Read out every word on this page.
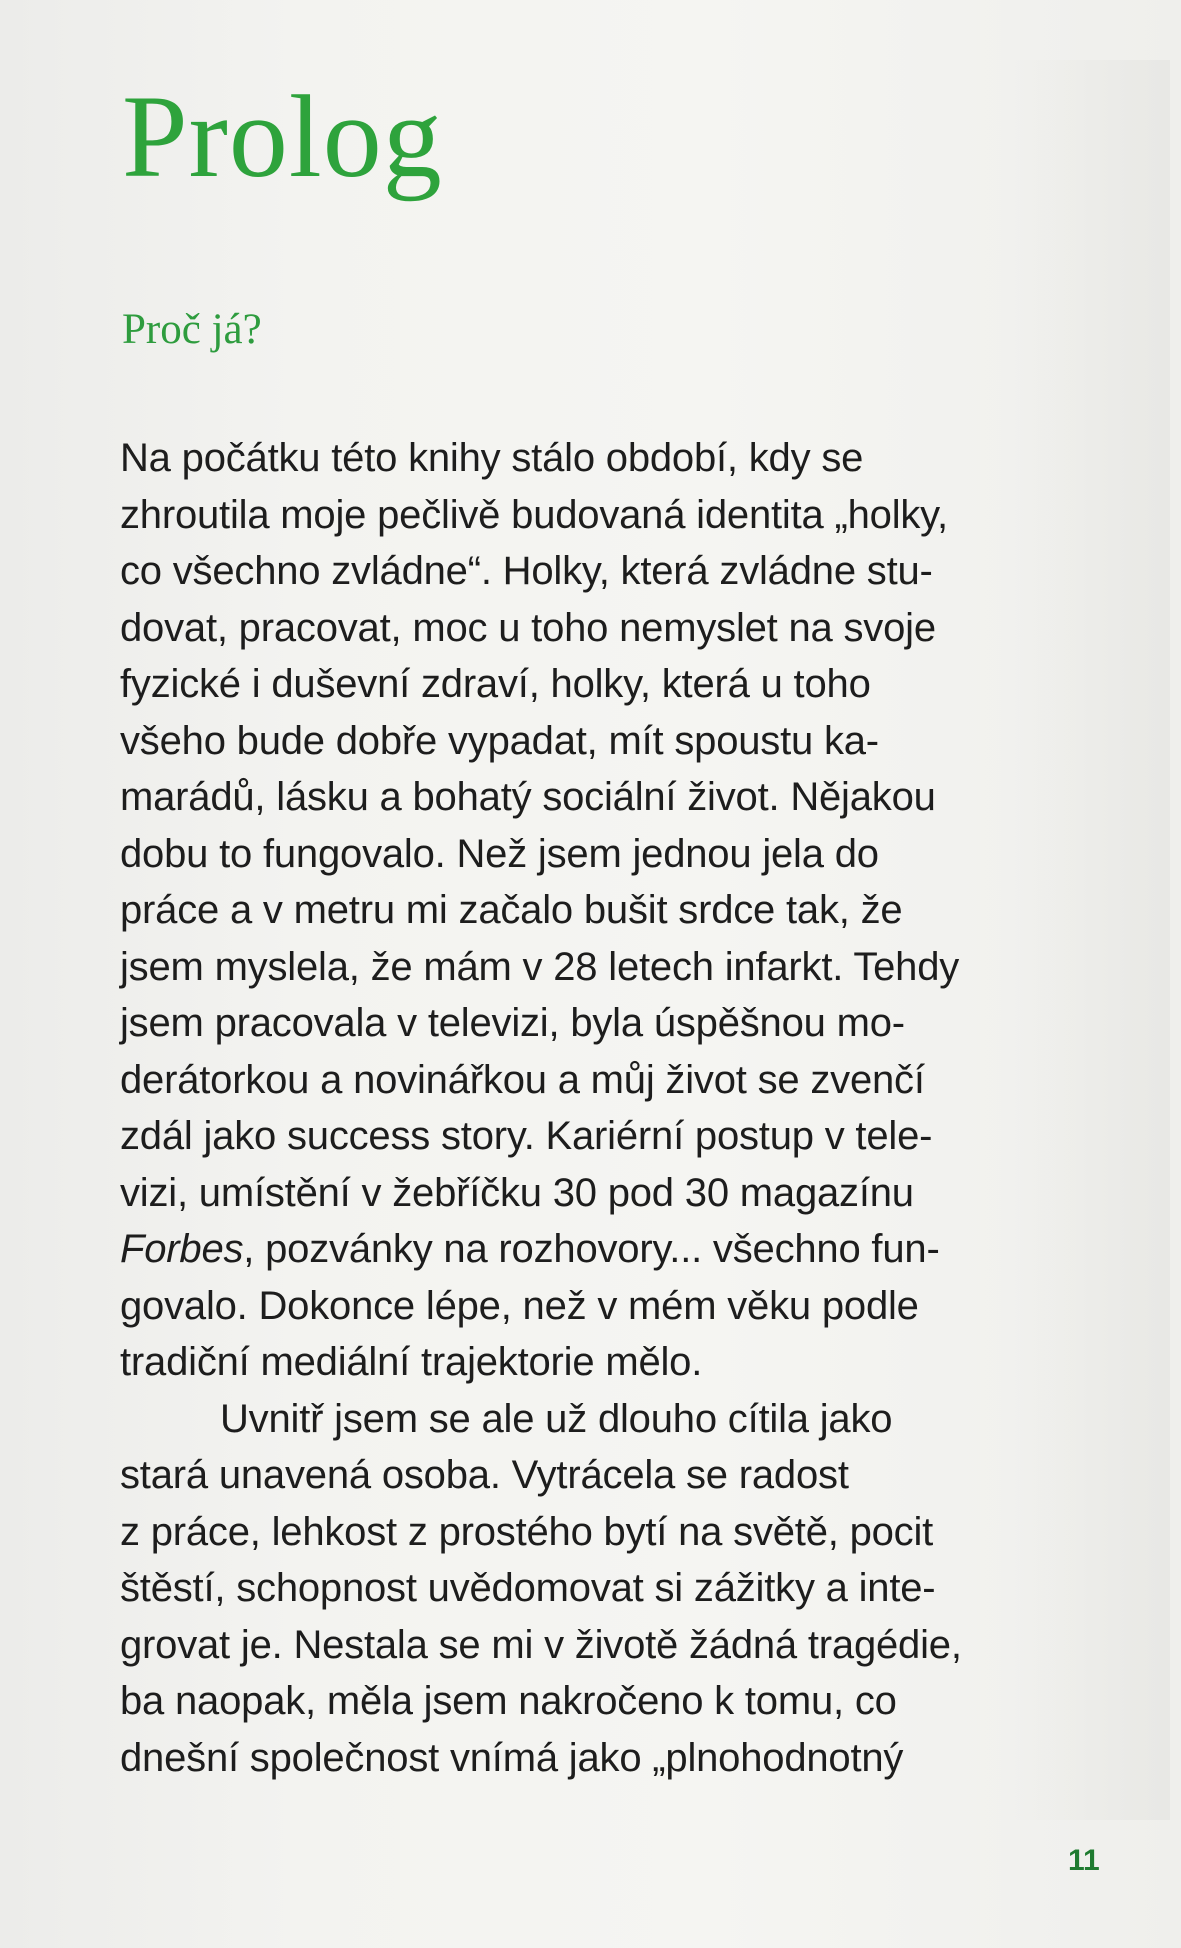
Prolog
Proč já?
Na počátku této knihy stálo období, kdy se
zhroutila moje pečlivě budovaná identita „holky,
co všechno zvládne“. Holky, která zvládne stu-
dovat, pracovat, moc u toho nemyslet na svoje
fyzické i duševní zdraví, holky, která u toho
všeho bude dobře vypadat, mít spoustu ka-
marádů, lásku a bohatý sociální život. Nějakou
dobu to fungovalo. Než jsem jednou jela do
práce a v metru mi začalo bušit srdce tak, že
jsem myslela, že mám v 28 letech infarkt. Tehdy
jsem pracovala v televizi, byla úspěšnou mo-
derátorkou a novinářkou a můj život se zvenčí
zdál jako success story. Kariérní postup v tele-
vizi, umístění v žebříčku 30 pod 30 magazínu
Forbes, pozvánky na rozhovory... všechno fun-
govalo. Dokonce lépe, než v mém věku podle
tradiční mediální trajektorie mělo.
Uvnitř jsem se ale už dlouho cítila jako
stará unavená osoba. Vytrácela se radost
z práce, lehkost z prostého bytí na světě, pocit
štěstí, schopnost uvědomovat si zážitky a inte-
grovat je. Nestala se mi v životě žádná tragédie,
ba naopak, měla jsem nakročeno k tomu, co
dnešní společnost vnímá jako „plnohodnotný
11
